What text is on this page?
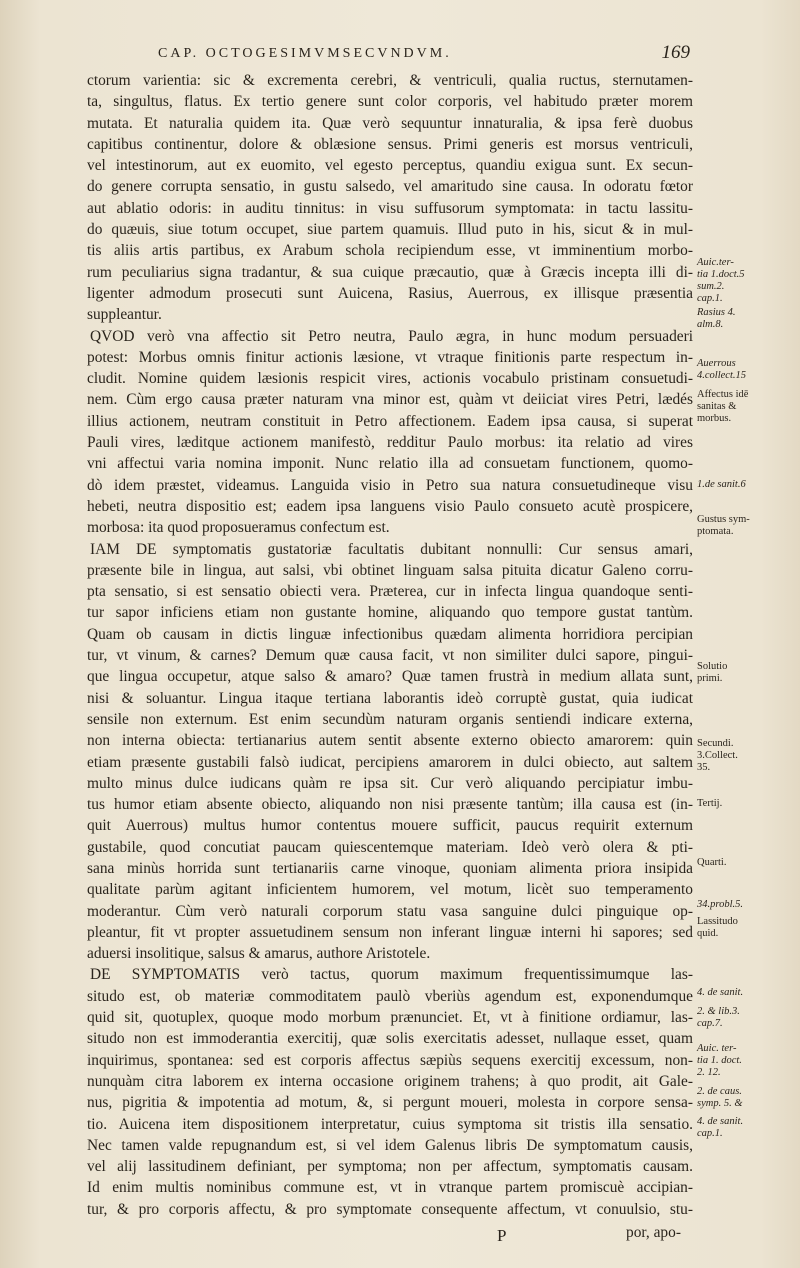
CAP. OCTOGESIMVMSECVNDVM.	169
ctorum varientia: sic & excrementa cerebri, & ventriculi, qualia ructus, sternutamen-
ta, singultus, flatus. Ex tertio genere sunt color corporis, vel habitudo præter morem
mutata. Et naturalia quidem ita. Quæ verò sequuntur innaturalia, & ipsa ferè duobus
capitibus continentur, dolore & oblæsione sensus. Primi generis est morsus ventriculi,
vel intestinorum, aut ex euomito, vel egesto perceptus, quandiu exigua sunt. Ex secun-
do genere corrupta sensatio, in gustu salsedo, vel amaritudo sine causa. In odoratu fœtor
aut ablatio odoris: in auditu tinnitus: in visu suffusorum symptomata: in tactu lassitu-
do quæuis, siue totum occupet, siue partem quamuis. Illud puto in his, sicut & in mul-
tis aliis artis partibus, ex Arabum schola recipiendum esse, vt imminentium morbo-
rum peculiarius signa tradantur, & sua cuique præcautio, quæ à Græcis incepta illi di-
ligenter admodum prosecuti sunt Auicena, Rasius, Auerrous, ex illisque præsentia
suppleantur.
QVOD verò vna affectio sit Petro neutra, Paulo ægra, in hunc modum persuaderi
potest: Morbus omnis finitur actionis læsione, vt vtraque finitionis parte respectum in-
cludit. Nomine quidem læsionis respicit vires, actionis vocabulo pristinam consuetudi-
nem. Cùm ergo causa præter naturam vna minor est, quàm vt deiiciat vires Petri, lædés
illius actionem, neutram constituit in Petro affectionem. Eadem ipsa causa, si superat
Pauli vires, læditque actionem manifestò, redditur Paulo morbus: ita relatio ad vires
vni affectui varia nomina imponit. Nunc relatio illa ad consuetam functionem, quomo-
dò idem præstet, videamus. Languida visio in Petro sua natura consuetudineque visu
hebeti, neutra dispositio est; eadem ipsa languens visio Paulo consueto acutè prospicere,
morbosa: ita quod proposueramus confectum est.
IAM DE symptomatis gustatoriæ facultatis dubitant nonnulli: Cur sensus amari,
præsente bile in lingua, aut salsi, vbi obtinet linguam salsa pituita dicatur Galeno corru-
pta sensatio, si est sensatio obiecti vera. Præterea, cur in infecta lingua quandoque senti-
tur sapor inficiens etiam non gustante homine, aliquando quo tempore gustat tantùm.
Quam ob causam in dictis linguæ infectionibus quædam alimenta horridiora percipian
tur, vt vinum, & carnes? Demum quæ causa facit, vt non similiter dulci sapore, pingui-
que lingua occupetur, atque salso & amaro? Quæ tamen frustrà in medium allata sunt,
nisi & soluantur. Lingua itaque tertiana laborantis ideò corruptè gustat, quia iudicat
sensile non externum. Est enim secundùm naturam organis sentiendi indicare externa,
non interna obiecta: tertianarius autem sentit absente externo obiecto amarorem: quin
etiam præsente gustabili falsò iudicat, percipiens amarorem in dulci obiecto, aut saltem
multo minus dulce iudicans quàm re ipsa sit. Cur verò aliquando percipiatur imbu-
tus humor etiam absente obiecto, aliquando non nisi præsente tantùm; illa causa est (in-
quit Auerrous) multus humor contentus mouere sufficit, paucus requirit externum
gustabile, quod concutiat paucam quiescentemque materiam. Ideò verò olera & pti-
sana minùs horrida sunt tertianariis carne vinoque, quoniam alimenta priora insipida
qualitate parùm agitant inficientem humorem, vel motum, licèt suo temperamento
moderantur. Cùm verò naturali corporum statu vasa sanguine dulci pinguique op-
pleantur, fit vt propter assuetudinem sensum non inferant linguæ interni hi sapores; sed
aduersi insolitique, salsus & amarus, authore Aristotele.
DE SYMPTOMATIS verò tactus, quorum maximum frequentissimumque las-
situdo est, ob materiæ commoditatem paulò vberiùs agendum est, exponendumque
quid sit, quotuplex, quoque modo morbum prænunciet. Et, vt à finitione ordiamur, las-
situdo non est immoderantia exercitij, quæ solis exercitatis adesset, nullaque esset, quam
inquirimus, spontanea: sed est corporis affectus sæpiùs sequens exercitij excessum, non-
nunquàm citra laborem ex interna occasione originem trahens; à quo prodit, ait Gale-
nus, pigritia & impotentia ad motum, &, si pergunt moueri, molesta in corpore sensa-
tio. Auicena item dispositionem interpretatur, cuius symptoma sit tristis illa sensatio.
Nec tamen valde repugnandum est, si vel idem Galenus libris De symptomatum causis,
vel alij lassitudinem definiant, per symptoma; non per affectum, symptomatis causam.
Id enim multis nominibus commune est, vt in vtranque partem promiscuè accipian-
tur, & pro corporis affectu, & pro symptomate consequente affectum, vt conuulsio, stu-
Auic.ter-
tia 1.doct.5
sum.2.
cap.1.
Rasius 4.
alm.8.
Auerrous
4.collect.15
Affectus idē
sanitas &
morbus.
1.de sanit.6
Gustus sym-
ptomata.
Solutio
primi.
Secundi.
3.Collect.
35.
Tertij.
Quarti.
34.probl.5.
Lassitudo
quid.
4. de sanit.
2. & lib.3.
cap.7.
Auic. ter-
tia 1. doct.
2. 12.
2. de caus.
symp. 5. &
4. de sanit.
cap.1.
P	por, apo-
